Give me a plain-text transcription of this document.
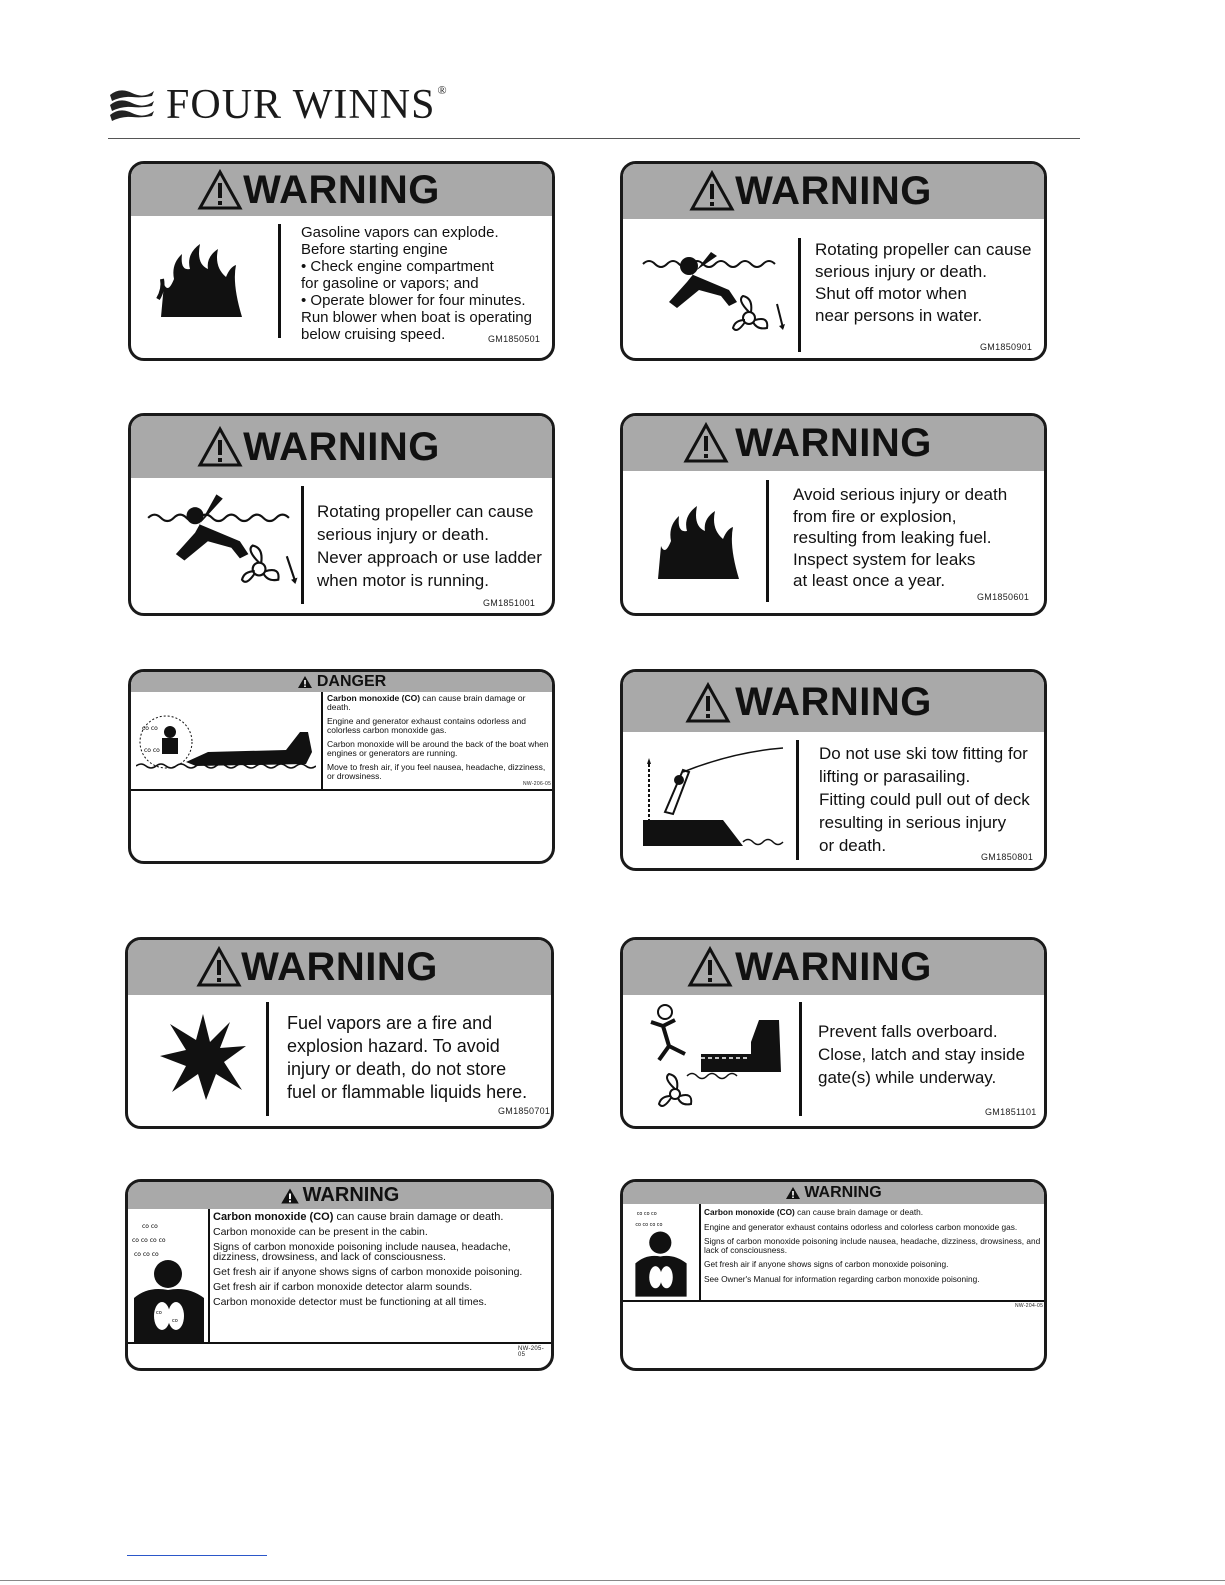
FOUR WINNS ®
WARNING
Gasoline vapors can explode.
Before starting engine
• Check engine compartment
for gasoline or vapors; and
• Operate blower for four minutes.
Run blower when boat is operating
below cruising speed.	GM1850501
WARNING
Rotating propeller can cause
serious injury or death.
Shut off motor when
near persons in water.
GM1850901
WARNING
Rotating propeller can cause
serious injury or death.
Never approach or use ladder
when motor is running.
GM1851001
WARNING
Avoid serious injury or death
from fire or explosion,
resulting from leaking fuel.
Inspect system for leaks
at least once a year.
GM1850601
DANGER
co co
co co
Carbon monoxide (CO) can cause brain damage or death.
Engine and generator exhaust contains odorless and colorless carbon monoxide gas.
Carbon monoxide will be around the back of the boat when engines or generators are running.
Move to fresh air, if you feel nausea, headache, dizziness, or drowsiness.
NW-206-05
WARNING
Do not use ski tow fitting for
lifting or parasailing.
Fitting could pull out of deck
resulting in serious injury
or death.
GM1850801
WARNING
Fuel vapors are a fire and
explosion hazard. To avoid
injury or death, do not store
fuel or flammable liquids here.
GM1850701
WARNING
Prevent falls overboard.
Close, latch and stay inside
gate(s) while underway.
GM1851101
WARNING
co co
co co co co
co co co
co
co
Carbon monoxide (CO) can cause brain damage or death.
Carbon monoxide can be present in the cabin.
Signs of carbon monoxide poisoning include nausea, headache, dizziness, drowsiness, and lack of consciousness.
Get fresh air if anyone shows signs of carbon monoxide poisoning.
Get fresh air if carbon monoxide detector alarm sounds.
Carbon monoxide detector must be functioning at all times.
NW-205-05
WARNING
co co co
co co co co
Carbon monoxide (CO) can cause brain damage or death.
Engine and generator exhaust contains odorless and colorless carbon monoxide gas.
Signs of carbon monoxide poisoning include nausea, headache, dizziness, drowsiness, and lack of consciousness.
Get fresh air if anyone shows signs of carbon monoxide poisoning.
See Owner's Manual for information regarding carbon monoxide poisoning.
NW-204-05
